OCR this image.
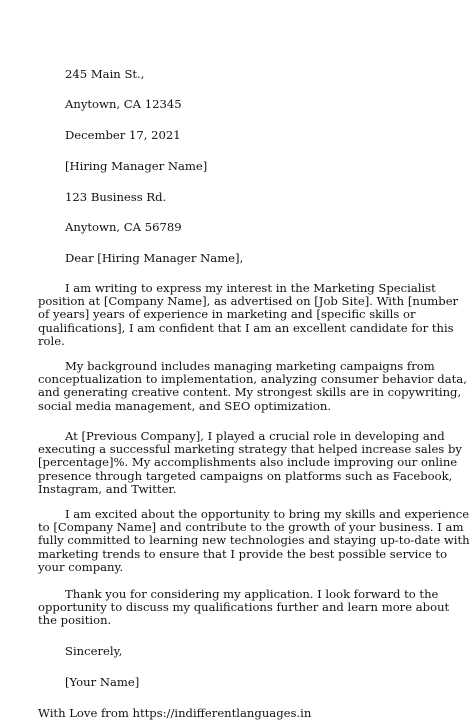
245 Main St.,
Anytown, CA 12345
December 17, 2021
[Hiring Manager Name]
123 Business Rd.
Anytown, CA 56789
Dear [Hiring Manager Name],

I am writing to express my interest in the Marketing Specialist position at [Company Name], as advertised on [Job Site]. With [number of years] years of experience in marketing and [specific skills or qualifications], I am confident that I am an excellent candidate for this role.

My background includes managing marketing campaigns from conceptualization to implementation, analyzing consumer behavior data, and generating creative content. My strongest skills are in copywriting, social media management, and SEO optimization.

At [Previous Company], I played a crucial role in developing and executing a successful marketing strategy that helped increase sales by [percentage]%. My accomplishments also include improving our online presence through targeted campaigns on platforms such as Facebook, Instagram, and Twitter.

I am excited about the opportunity to bring my skills and experience to [Company Name] and contribute to the growth of your business. I am fully committed to learning new technologies and staying up-to-date with marketing trends to ensure that I provide the best possible service to your company.

Thank you for considering my application. I look forward to the opportunity to discuss my qualifications further and learn more about the position.

Sincerely,
[Your Name]
With Love from https://indifferentlanguages.in
